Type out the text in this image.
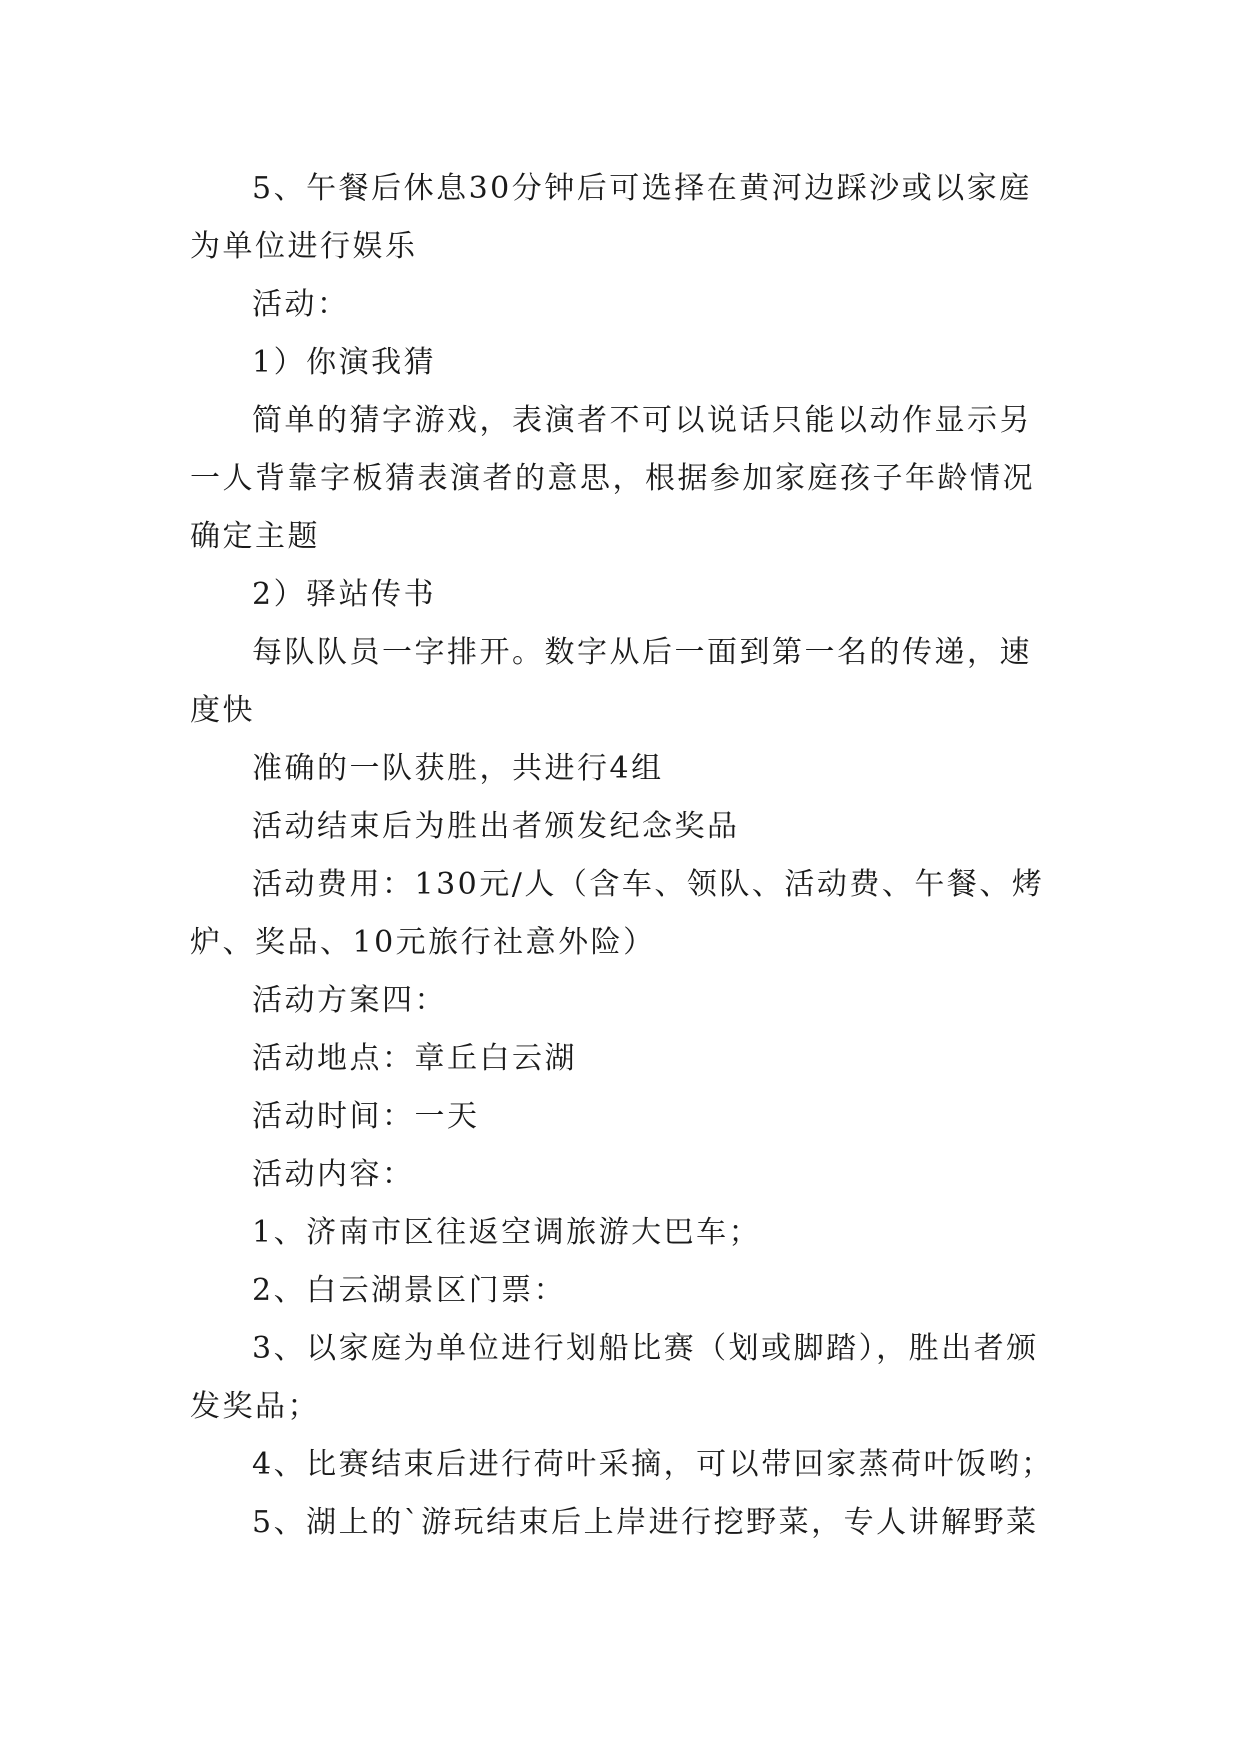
5、午餐后休息30分钟后可选择在黄河边踩沙或以家庭为单位进行娱乐

活动：

1）你演我猜

简单的猜字游戏，表演者不可以说话只能以动作显示另一人背靠字板猜表演者的意思，根据参加家庭孩子年龄情况确定主题

2）驿站传书

每队队员一字排开。数字从后一面到第一名的传递，速度快

准确的一队获胜，共进行4组

活动结束后为胜出者颁发纪念奖品

活动费用：130元/人（含车、领队、活动费、午餐、烤炉、奖品、10元旅行社意外险）

活动方案四：

活动地点：章丘白云湖

活动时间：一天

活动内容：

1、济南市区往返空调旅游大巴车；

2、白云湖景区门票：

3、以家庭为单位进行划船比赛（划或脚踏），胜出者颁发奖品；

4、比赛结束后进行荷叶采摘，可以带回家蒸荷叶饭哟；

5、湖上的`游玩结束后上岸进行挖野菜，专人讲解野菜
